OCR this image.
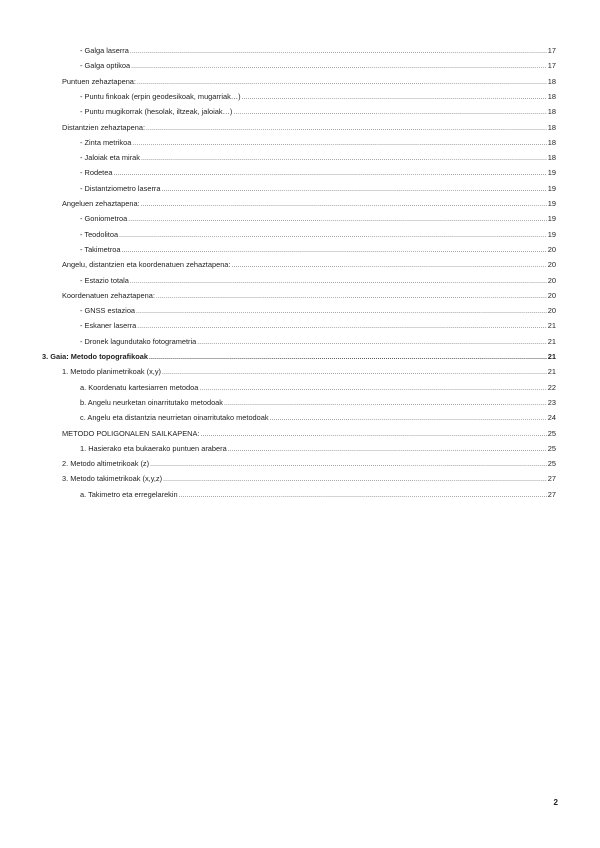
- Galga laserra .....	17
- Galga optikoa .....	17
Puntuen zehaztapena: .....	18
- Puntu finkoak (erpin geodesikoak, mugarriak…) .....	18
- Puntu mugikorrak (hesolak, iltzeak, jaloiak…) .....	18
Distantzien zehaztapena: .....	18
- Zinta metrikoa .....	18
- Jaloiak eta mirak .....	18
- Rodetea .....	19
- Distantziometro laserra .....	19
Angeluen zehaztapena: .....	19
- Goniometroa .....	19
- Teodolitoa .....	19
- Takimetroa .....	20
Angelu, distantzien eta koordenatuen zehaztapena: .....	20
- Estazio totala .....	20
Koordenatuen zehaztapena: .....	20
- GNSS estazioa .....	20
- Eskaner laserra .....	21
- Dronek lagundutako fotogrametria .....	21
3. Gaia: Metodo topografikoak .....	21
1. Metodo planimetrikoak (x,y) .....	21
a. Koordenatu kartesiarren metodoa .....	22
b. Angelu neurketan oinarritutako metodoak .....	23
c. Angelu eta distantzia neurrietan oinarritutako metodoak .....	24
METODO POLIGONALEN SAILKAPENA: .....	25
1. Hasierako eta bukaerako puntuen arabera .....	25
2. Metodo altimetrikoak (z) .....	25
3. Metodo takimetrikoak (x,y,z) .....	27
a. Takimetro eta erregelarekin .....	27
2
